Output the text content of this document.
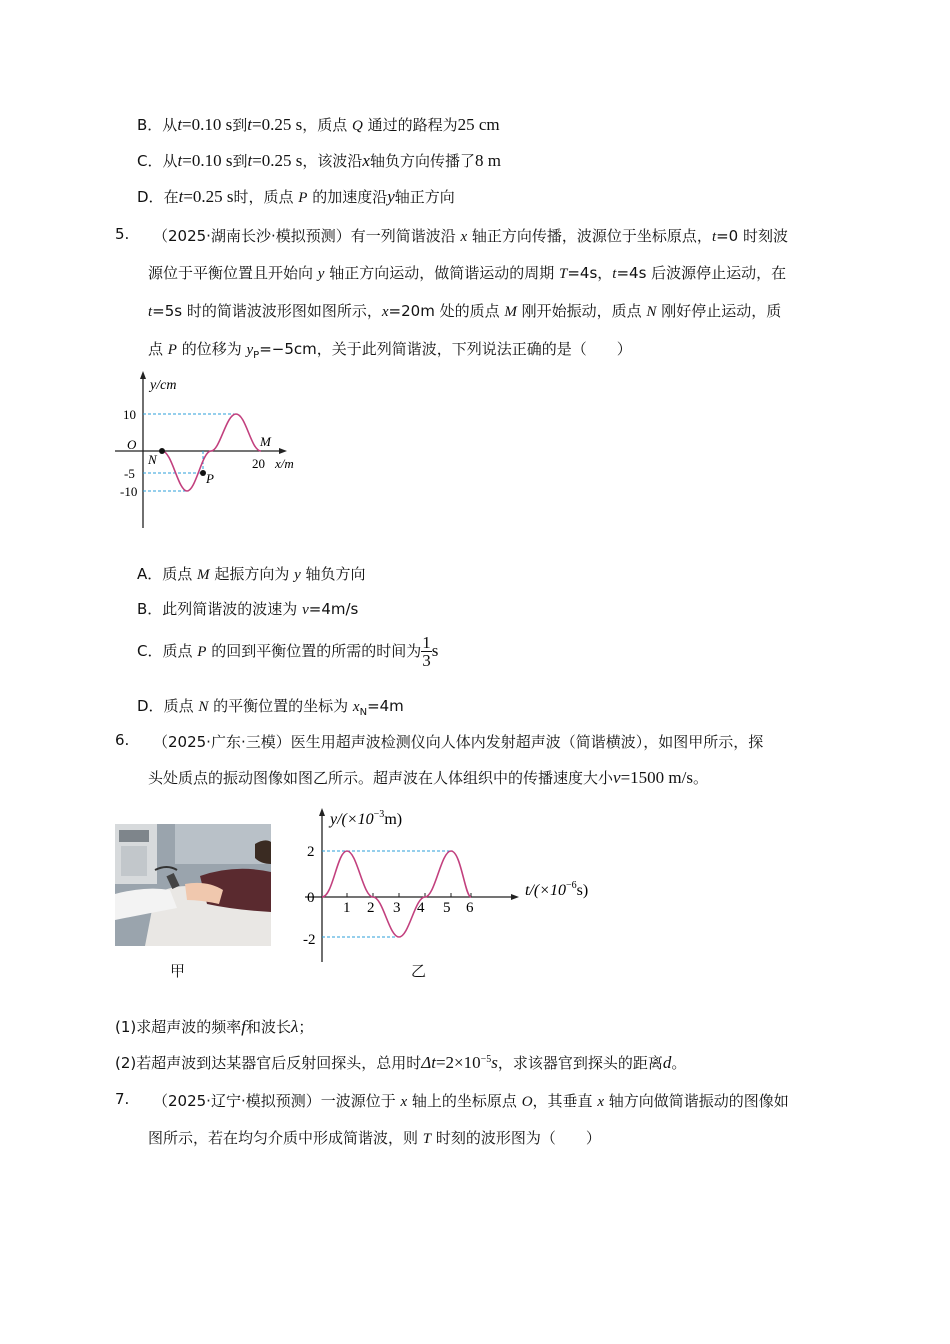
B．从t=0.10 s到t=0.25 s，质点 Q 通过的路程为25 cm
C．从t=0.10 s到t=0.25 s，该波沿x轴负方向传播了8 m
D．在t=0.25 s时，质点 P 的加速度沿y轴正方向
5. （2025·湖南长沙·模拟预测）有一列简谐波沿 x 轴正方向传播，波源位于坐标原点，t=0 时刻波
源位于平衡位置且开始向 y 轴正方向运动，做简谐运动的周期 T=4s，t=4s 后波源停止运动，在
t=5s 时的简谐波波形图如图所示，x=20m 处的质点 M 刚开始振动，质点 N 刚好停止运动，质
点 P 的位移为 $y_P=-5cm$，关于此列简谐波，下列说法正确的是（　　）
y/cm
10
O
-5
-10
N
P
M
20 x/m
A．质点 M 起振方向为 y 轴负方向
B．此列简谐波的波速为 v=4m/s
C．质点 P 的回到平衡位置的所需的时间为 $\frac{1}{3}$ s
D．质点 N 的平衡位置的坐标为 $x_N=4m$
6. （2025·广东·三模）医生用超声波检测仪向人体内发射超声波（简谐横波），如图甲所示，探
头处质点的振动图像如图乙所示。超声波在人体组织中的传播速度大小v=1500 m/s。
甲
$y/(\times 10^{-3}m)$
2
0
-2
1 2 3 4 5 6
$t/(\times 10^{-6}s)$
乙
(1)求超声波的频率f和波长λ；
(2)若超声波到达某器官后反射回探头，总用时$\Delta t=2\times 10^{-5}s$，求该器官到探头的距离d。
7. （2025·辽宁·模拟预测）一波源位于 x 轴上的坐标原点 O，其垂直 x 轴方向做简谐振动的图像如
图所示，若在均匀介质中形成简谐波，则 T 时刻的波形图为（　　）
